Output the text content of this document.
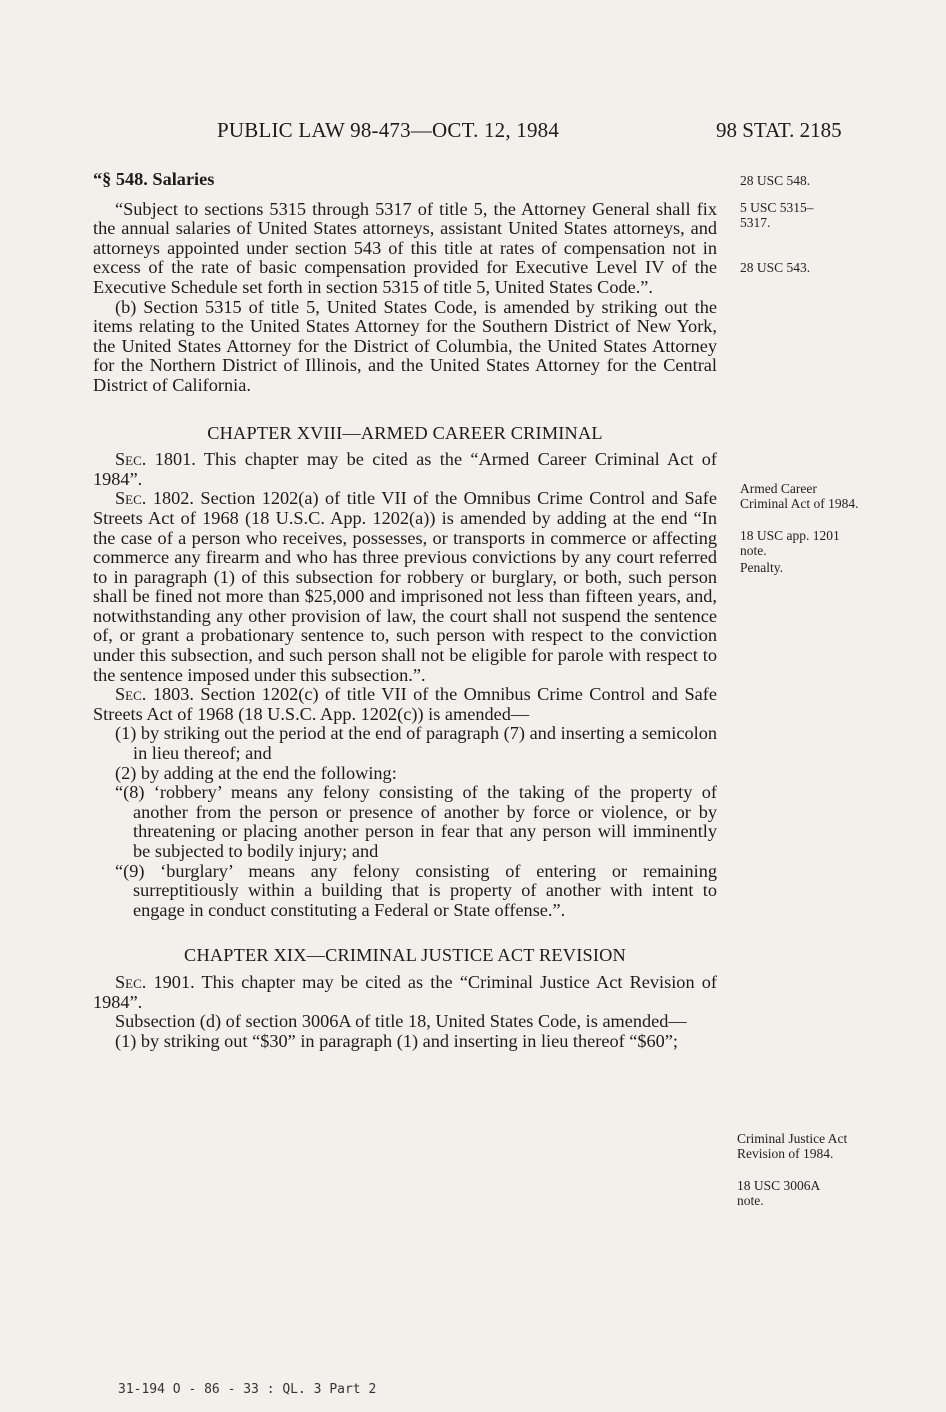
PUBLIC LAW 98-473—OCT. 12, 1984	98 STAT. 2185

“§ 548. Salaries

“Subject to sections 5315 through 5317 of title 5, the Attorney General shall fix the annual salaries of United States attorneys, assistant United States attorneys, and attorneys appointed under section 543 of this title at rates of compensation not in excess of the rate of basic compensation provided for Executive Level IV of the Executive Schedule set forth in section 5315 of title 5, United States Code.”.

(b) Section 5315 of title 5, United States Code, is amended by striking out the items relating to the United States Attorney for the Southern District of New York, the United States Attorney for the District of Columbia, the United States Attorney for the Northern District of Illinois, and the United States Attorney for the Central District of California.

CHAPTER XVIII—ARMED CAREER CRIMINAL

Sec. 1801. This chapter may be cited as the “Armed Career Criminal Act of 1984”.

Sec. 1802. Section 1202(a) of title VII of the Omnibus Crime Control and Safe Streets Act of 1968 (18 U.S.C. App. 1202(a)) is amended by adding at the end “In the case of a person who receives, possesses, or transports in commerce or affecting commerce any firearm and who has three previous convictions by any court referred to in paragraph (1) of this subsection for robbery or burglary, or both, such person shall be fined not more than $25,000 and imprisoned not less than fifteen years, and, notwithstanding any other provision of law, the court shall not suspend the sentence of, or grant a probationary sentence to, such person with respect to the conviction under this subsection, and such person shall not be eligible for parole with respect to the sentence imposed under this subsection.”.

Sec. 1803. Section 1202(c) of title VII of the Omnibus Crime Control and Safe Streets Act of 1968 (18 U.S.C. App. 1202(c)) is amended—

(1) by striking out the period at the end of paragraph (7) and inserting a semicolon in lieu thereof; and

(2) by adding at the end the following:

“(8) ‘robbery’ means any felony consisting of the taking of the property of another from the person or presence of another by force or violence, or by threatening or placing another person in fear that any person will imminently be subjected to bodily injury; and

“(9) ‘burglary’ means any felony consisting of entering or remaining surreptitiously within a building that is property of another with intent to engage in conduct constituting a Federal or State offense.”.

CHAPTER XIX—CRIMINAL JUSTICE ACT REVISION

Sec. 1901. This chapter may be cited as the “Criminal Justice Act Revision of 1984”.

Subsection (d) of section 3006A of title 18, United States Code, is amended—

(1) by striking out “$30” in paragraph (1) and inserting in lieu thereof “$60”;

28 USC 548.
5 USC 5315–5317.
28 USC 543.
Armed Career Criminal Act of 1984.
18 USC app. 1201 note.
Penalty.
Criminal Justice Act Revision of 1984.
18 USC 3006A note.
31-194 O - 86 - 33 : QL. 3 Part 2
